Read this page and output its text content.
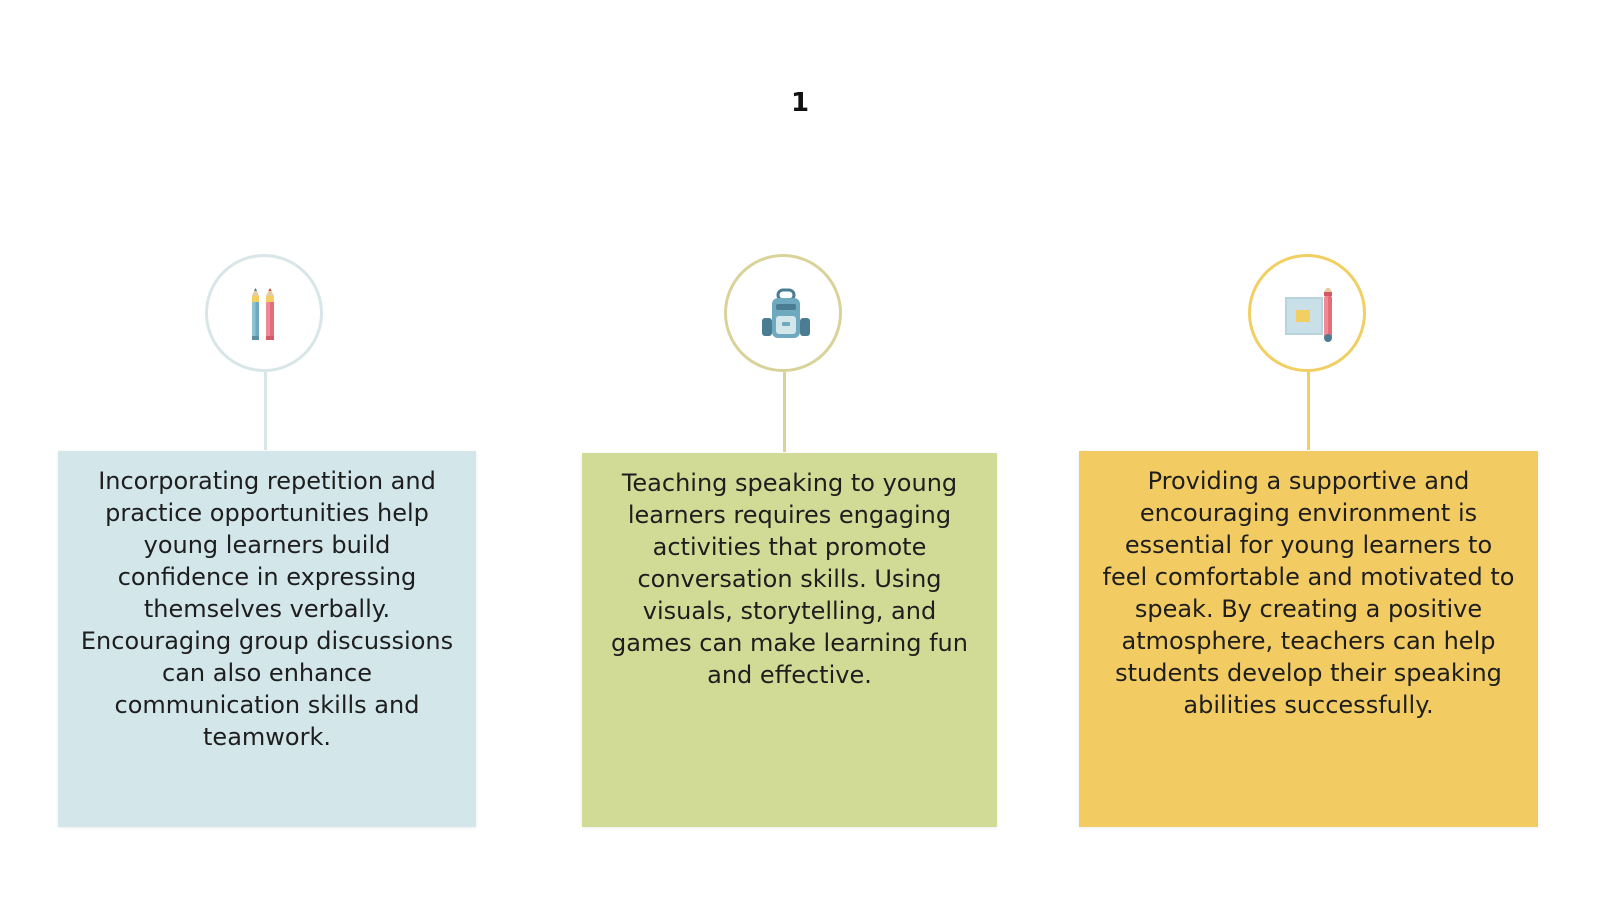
1
Incorporating repetition and practice opportunities help young learners build confidence in expressing themselves verbally. Encouraging group discussions can also enhance communication skills and teamwork.
Teaching speaking to young learners requires engaging activities that promote conversation skills. Using visuals, storytelling, and games can make learning fun and effective.
Providing a supportive and encouraging environment is essential for young learners to feel comfortable and motivated to speak. By creating a positive atmosphere, teachers can help students develop their speaking abilities successfully.
